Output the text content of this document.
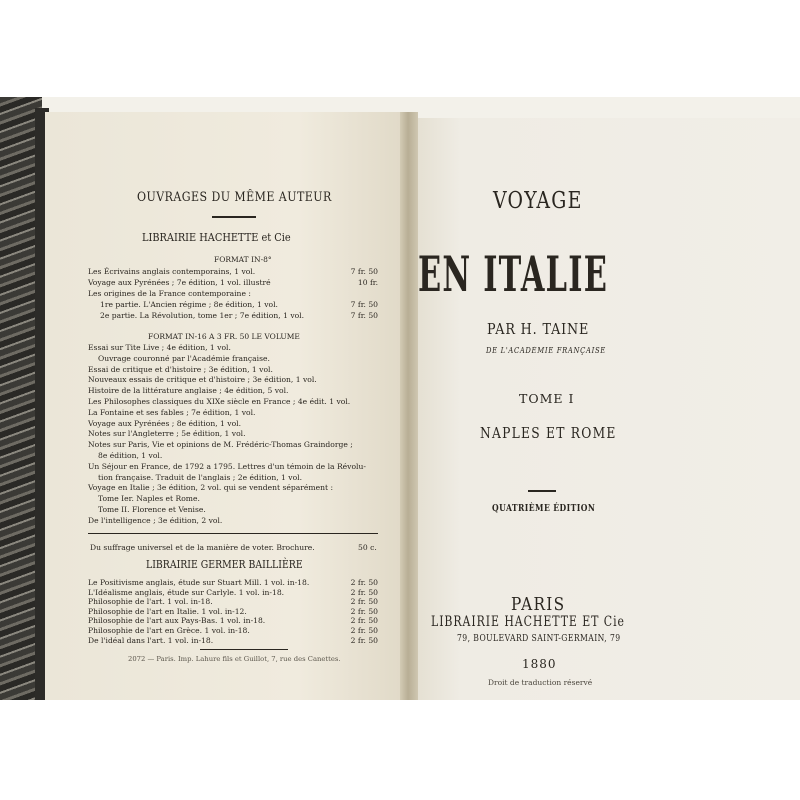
OUVRAGES DU MÊME AUTEUR
LIBRAIRIE HACHETTE et Cie
FORMAT IN-8°
Les Écrivains anglais contemporains, 1 vol.	7 fr. 50
Voyage aux Pyrénées ; 7e édition, 1 vol. illustré	10 fr.
Les origines de la France contemporaine :
1re partie. L'Ancien régime ; 8e édition, 1 vol.	7 fr. 50
2e partie. La Révolution, tome 1er ; 7e édition, 1 vol.	7 fr. 50
FORMAT IN-16 A 3 FR. 50 LE VOLUME
Essai sur Tite Live ; 4e édition, 1 vol.
Ouvrage couronné par l'Académie française.
Essai de critique et d'histoire ; 3e édition, 1 vol.
Nouveaux essais de critique et d'histoire ; 3e édition, 1 vol.
Histoire de la littérature anglaise ; 4e édition, 5 vol.
Les Philosophes classiques du XIXe siècle en France ; 4e édit. 1 vol.
La Fontaine et ses fables ; 7e édition, 1 vol.
Voyage aux Pyrénées ; 8e édition, 1 vol.
Notes sur l'Angleterre ; 5e édition, 1 vol.
Notes sur Paris, Vie et opinions de M. Frédéric-Thomas Graindorge ;
8e édition, 1 vol.
Un Séjour en France, de 1792 a 1795. Lettres d'un témoin de la Révolu-
tion française. Traduit de l'anglais ; 2e édition, 1 vol.
Voyage en Italie ; 3e édition, 2 vol. qui se vendent séparément :
Tome Ier. Naples et Rome.
Tome II. Florence et Venise.
De l'intelligence ; 3e édition, 2 vol.
Du suffrage universel et de la manière de voter. Brochure.	50 c.
LIBRAIRIE GERMER BAILLIÈRE
Le Positivisme anglais, étude sur Stuart Mill. 1 vol. in-18.	2 fr. 50
L'Idéalisme anglais, étude sur Carlyle. 1 vol. in-18.	2 fr. 50
Philosophie de l'art. 1 vol. in-18.	2 fr. 50
Philosophie de l'art en Italie. 1 vol. in-12.	2 fr. 50
Philosophie de l'art aux Pays-Bas. 1 vol. in-18.	2 fr. 50
Philosophie de l'art en Grèce. 1 vol. in-18.	2 fr. 50
De l'idéal dans l'art. 1 vol. in-18.	2 fr. 50
2072 — Paris. Imp. Lahure fils et Guillot, 7, rue des Canettes.
VOYAGE
EN ITALIE
PAR H. TAINE
DE L'ACADÉMIE FRANÇAISE
TOME I
NAPLES ET ROME
QUATRIÈME ÉDITION
PARIS
LIBRAIRIE HACHETTE ET Cie
79, BOULEVARD SAINT-GERMAIN, 79
1880
Droit de traduction réservé
